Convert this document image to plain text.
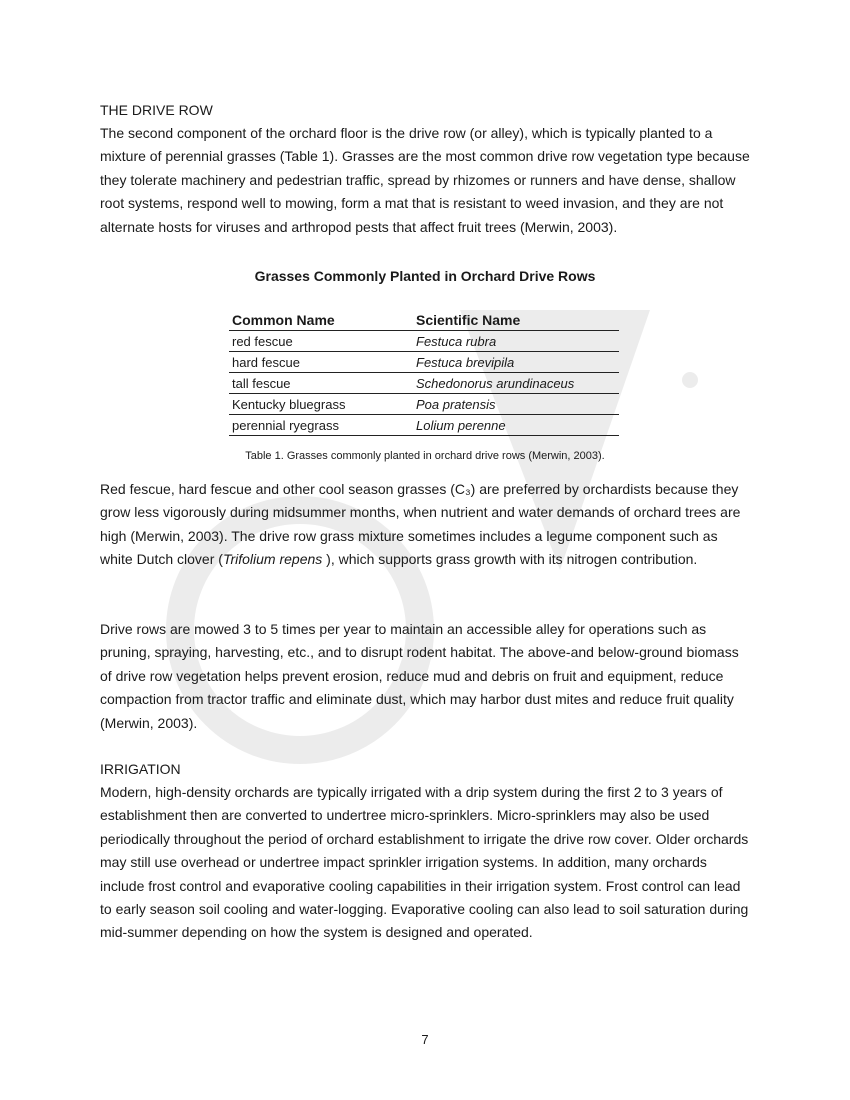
THE DRIVE ROW

The second component of the orchard floor is the drive row (or alley), which is typically planted to a mixture of perennial grasses (Table 1). Grasses are the most common drive row vegetation type because they tolerate machinery and pedestrian traffic, spread by rhizomes or runners and have dense, shallow root systems, respond well to mowing, form a mat that is resistant to weed invasion, and they are not alternate hosts for viruses and arthropod pests that affect fruit trees (Merwin, 2003).

Grasses Commonly Planted in Orchard Drive Rows
Common Name	Scientific Name
red fescue	Festuca rubra
hard fescue	Festuca brevipila
tall fescue	Schedonorus arundinaceus
Kentucky bluegrass	Poa pratensis
perennial ryegrass	Lolium perenne
Table 1. Grasses commonly planted in orchard drive rows (Merwin, 2003).

Red fescue, hard fescue and other cool season grasses (C₃) are preferred by orchardists because they grow less vigorously during midsummer months, when nutrient and water demands of orchard trees are high (Merwin, 2003). The drive row grass mixture sometimes includes a legume component such as white Dutch clover (Trifolium repens ), which supports grass growth with its nitrogen contribution.

Drive rows are mowed 3 to 5 times per year to maintain an accessible alley for operations such as pruning, spraying, harvesting, etc., and to disrupt rodent habitat. The above-and below-ground biomass of drive row vegetation helps prevent erosion, reduce mud and debris on fruit and equipment, reduce compaction from tractor traffic and eliminate dust, which may harbor dust mites and reduce fruit quality (Merwin, 2003).

IRRIGATION

Modern, high-density orchards are typically irrigated with a drip system during the first 2 to 3 years of establishment then are converted to undertree micro-sprinklers. Micro-sprinklers may also be used periodically throughout the period of orchard establishment to irrigate the drive row cover. Older orchards may still use overhead or undertree impact sprinkler irrigation systems. In addition, many orchards include frost control and evaporative cooling capabilities in their irrigation system. Frost control can lead to early season soil cooling and water-logging. Evaporative cooling can also lead to soil saturation during mid-summer depending on how the system is designed and operated.

7
